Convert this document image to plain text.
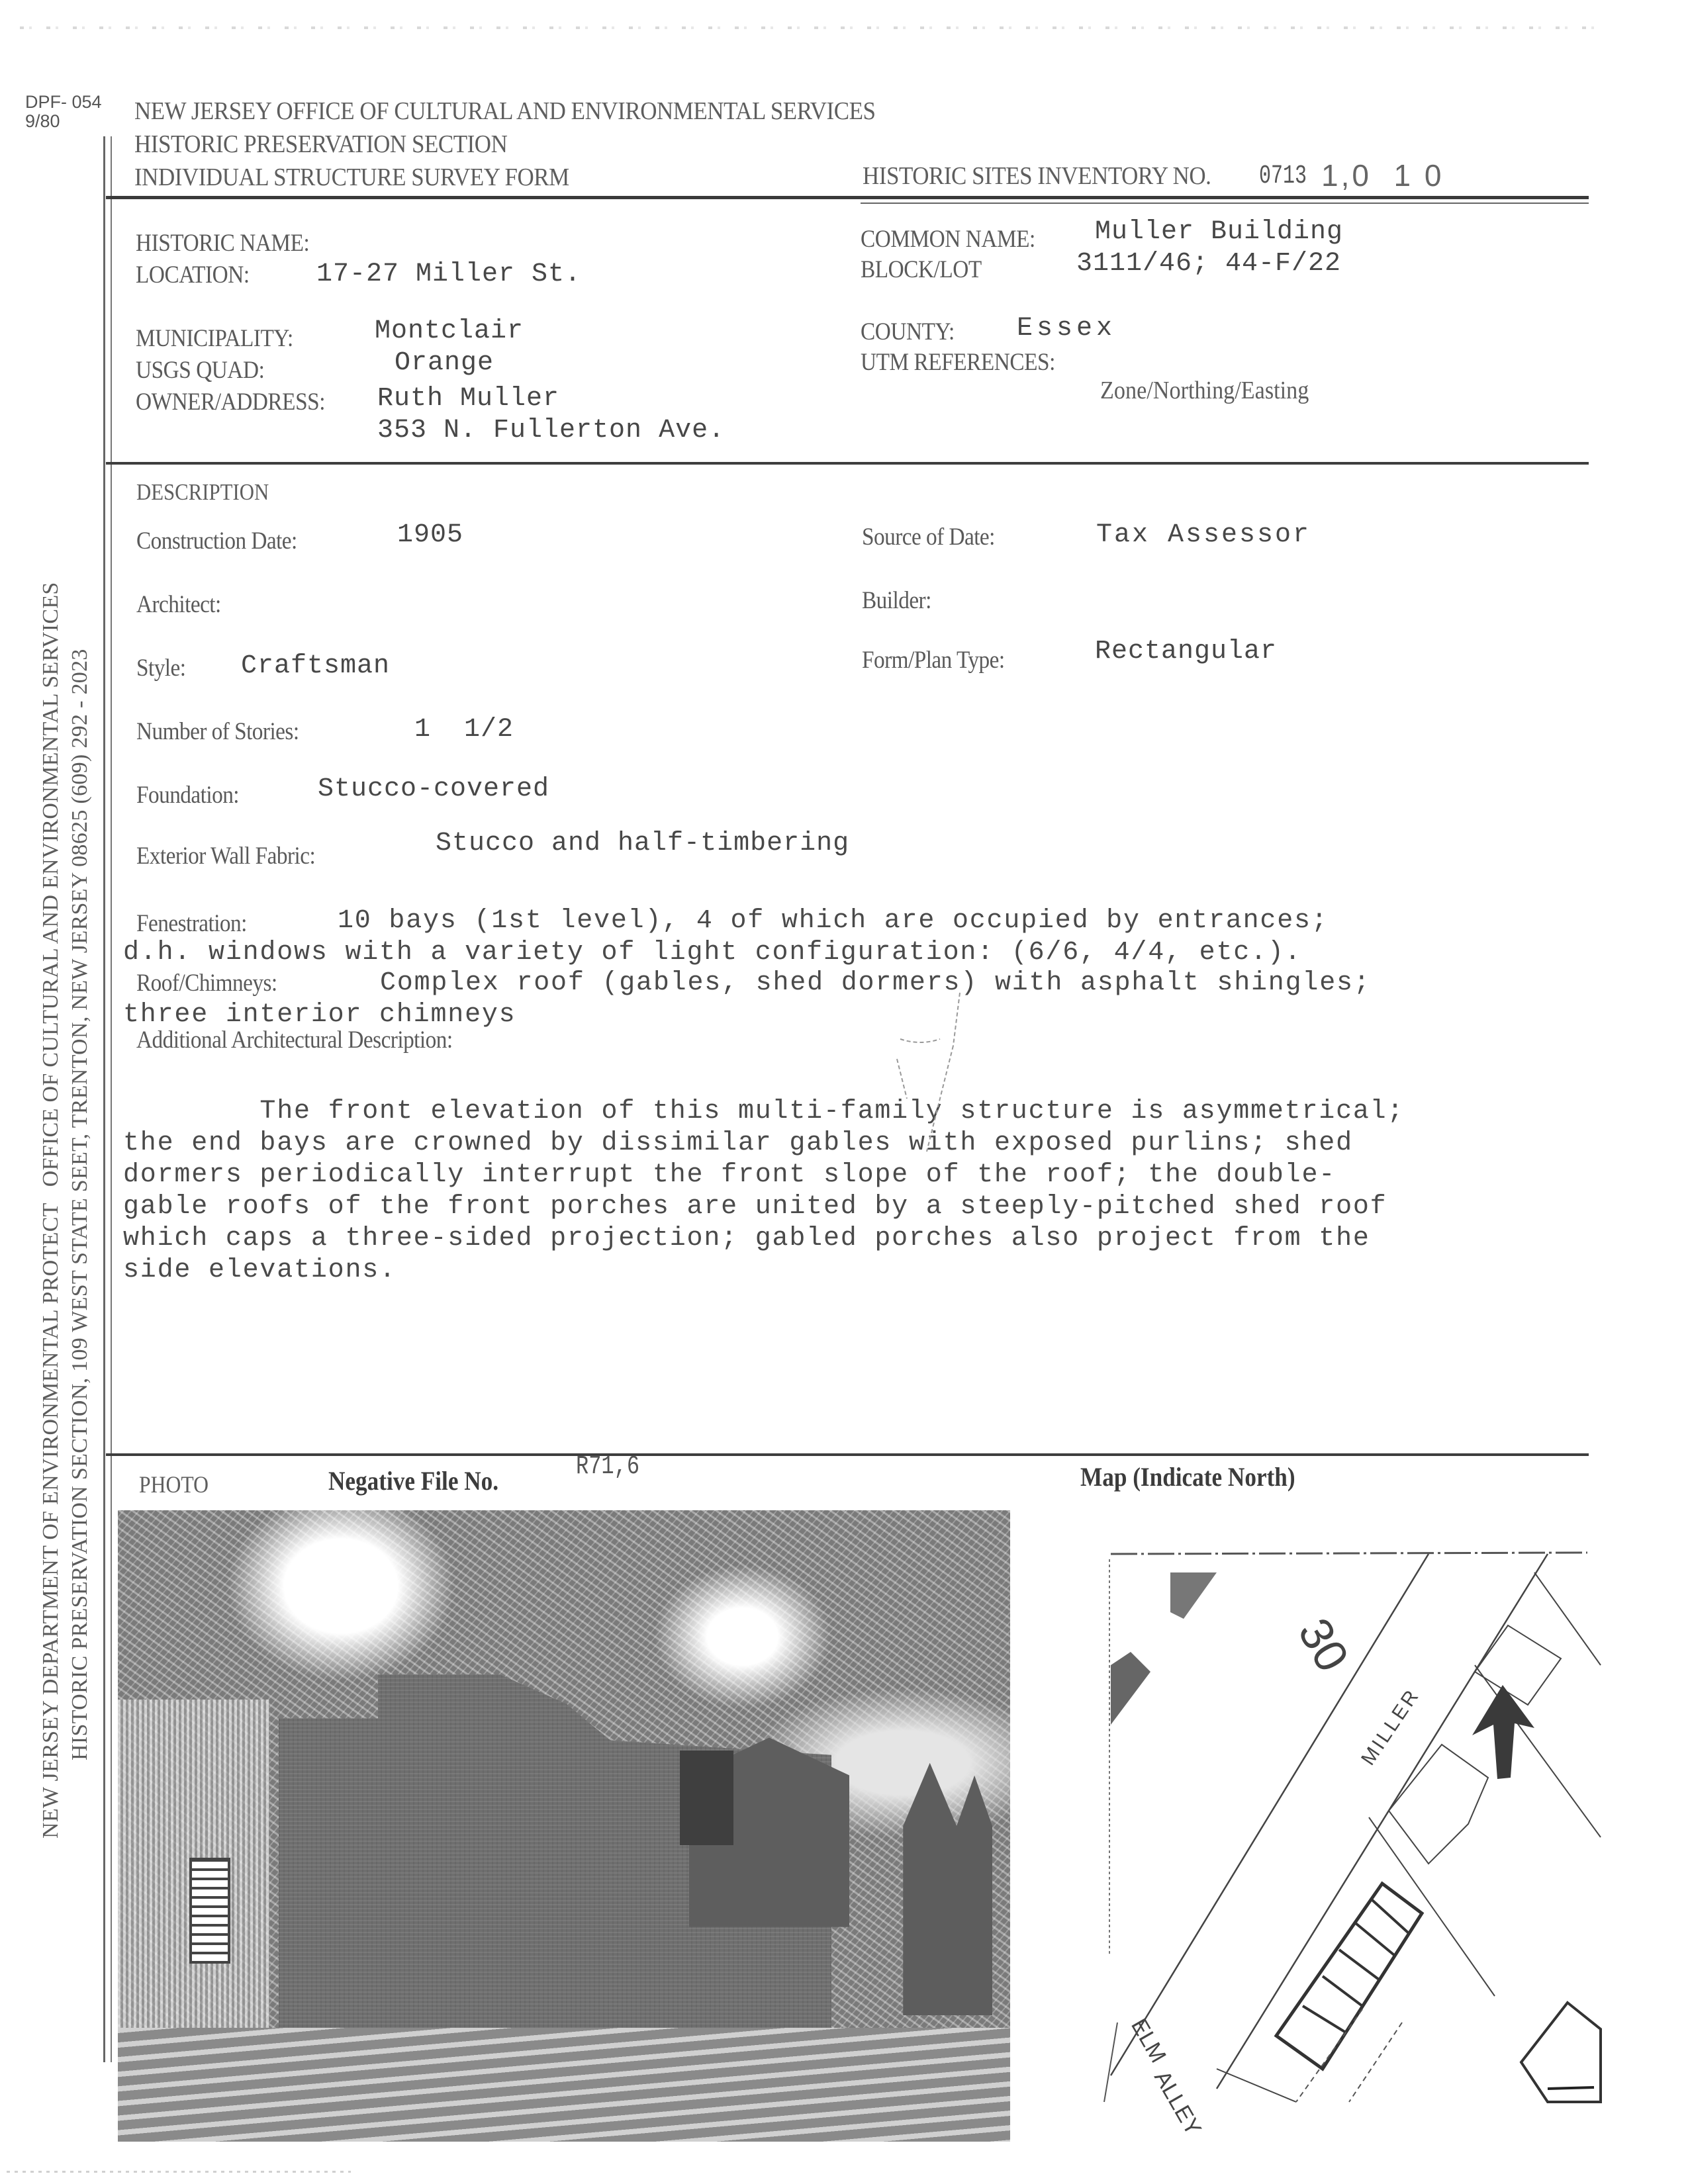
DPF- 054
9/80	NEW JERSEY OFFICE OF CULTURAL AND ENVIRONMENTAL SERVICES
HISTORIC PRESERVATION SECTION
INDIVIDUAL STRUCTURE SURVEY FORM	HISTORIC SITES INVENTORY NO. 0713 1,0  1 0
NEW JERSEY DEPARTMENT OF ENVIRONMENTAL PROTECTOFFICE OF CULTURAL AND ENVIRONMENTAL SERVICES
HISTORIC PRESERVATION SECTION, 109 WEST STATE SEET, TRENTON, NEW JERSEY 08625 (609) 292 - 2023
HISTORIC NAME:
LOCATION:	17-27 Miller St.
MUNICIPALITY:	Montclair
USGS QUAD:	Orange
OWNER/ADDRESS: Ruth Muller
353 N. Fullerton Ave.
COMMON NAME: Muller Building
BLOCK/LOT	3111/46; 44-F/22
COUNTY: Essex
UTM REFERENCES:
Zone/Northing/Easting
DESCRIPTION
Construction Date:	1905	Source of Date:	Tax Assessor
Architect:	Builder:
Style: Craftsman	Form/Plan Type:	Rectangular
Number of Stories:	1  1/2
Foundation:	Stucco-covered
Exterior Wall Fabric:	Stucco and half-timbering
Fenestration:	10 bays (1st level), 4 of which are occupied by entrances;
d.h. windows with a variety of light configuration: (6/6, 4/4, etc.).
Roof/Chimneys:	Complex roof (gables, shed dormers) with asphalt shingles;
three interior chimneys
Additional Architectural Description:
The front elevation of this multi-family structure is asymmetrical;
the end bays are crowned by dissimilar gables with exposed purlins; shed
dormers periodically interrupt the front slope of the roof; the double-
gable roofs of the front porches are united by a steeply-pitched shed roof
which caps a three-sided projection; gabled porches also project from the
side elevations.
PHOTO	Negative File No.	R71,6	Map (Indicate North)
30
MILLER
ELM
ALLEY
